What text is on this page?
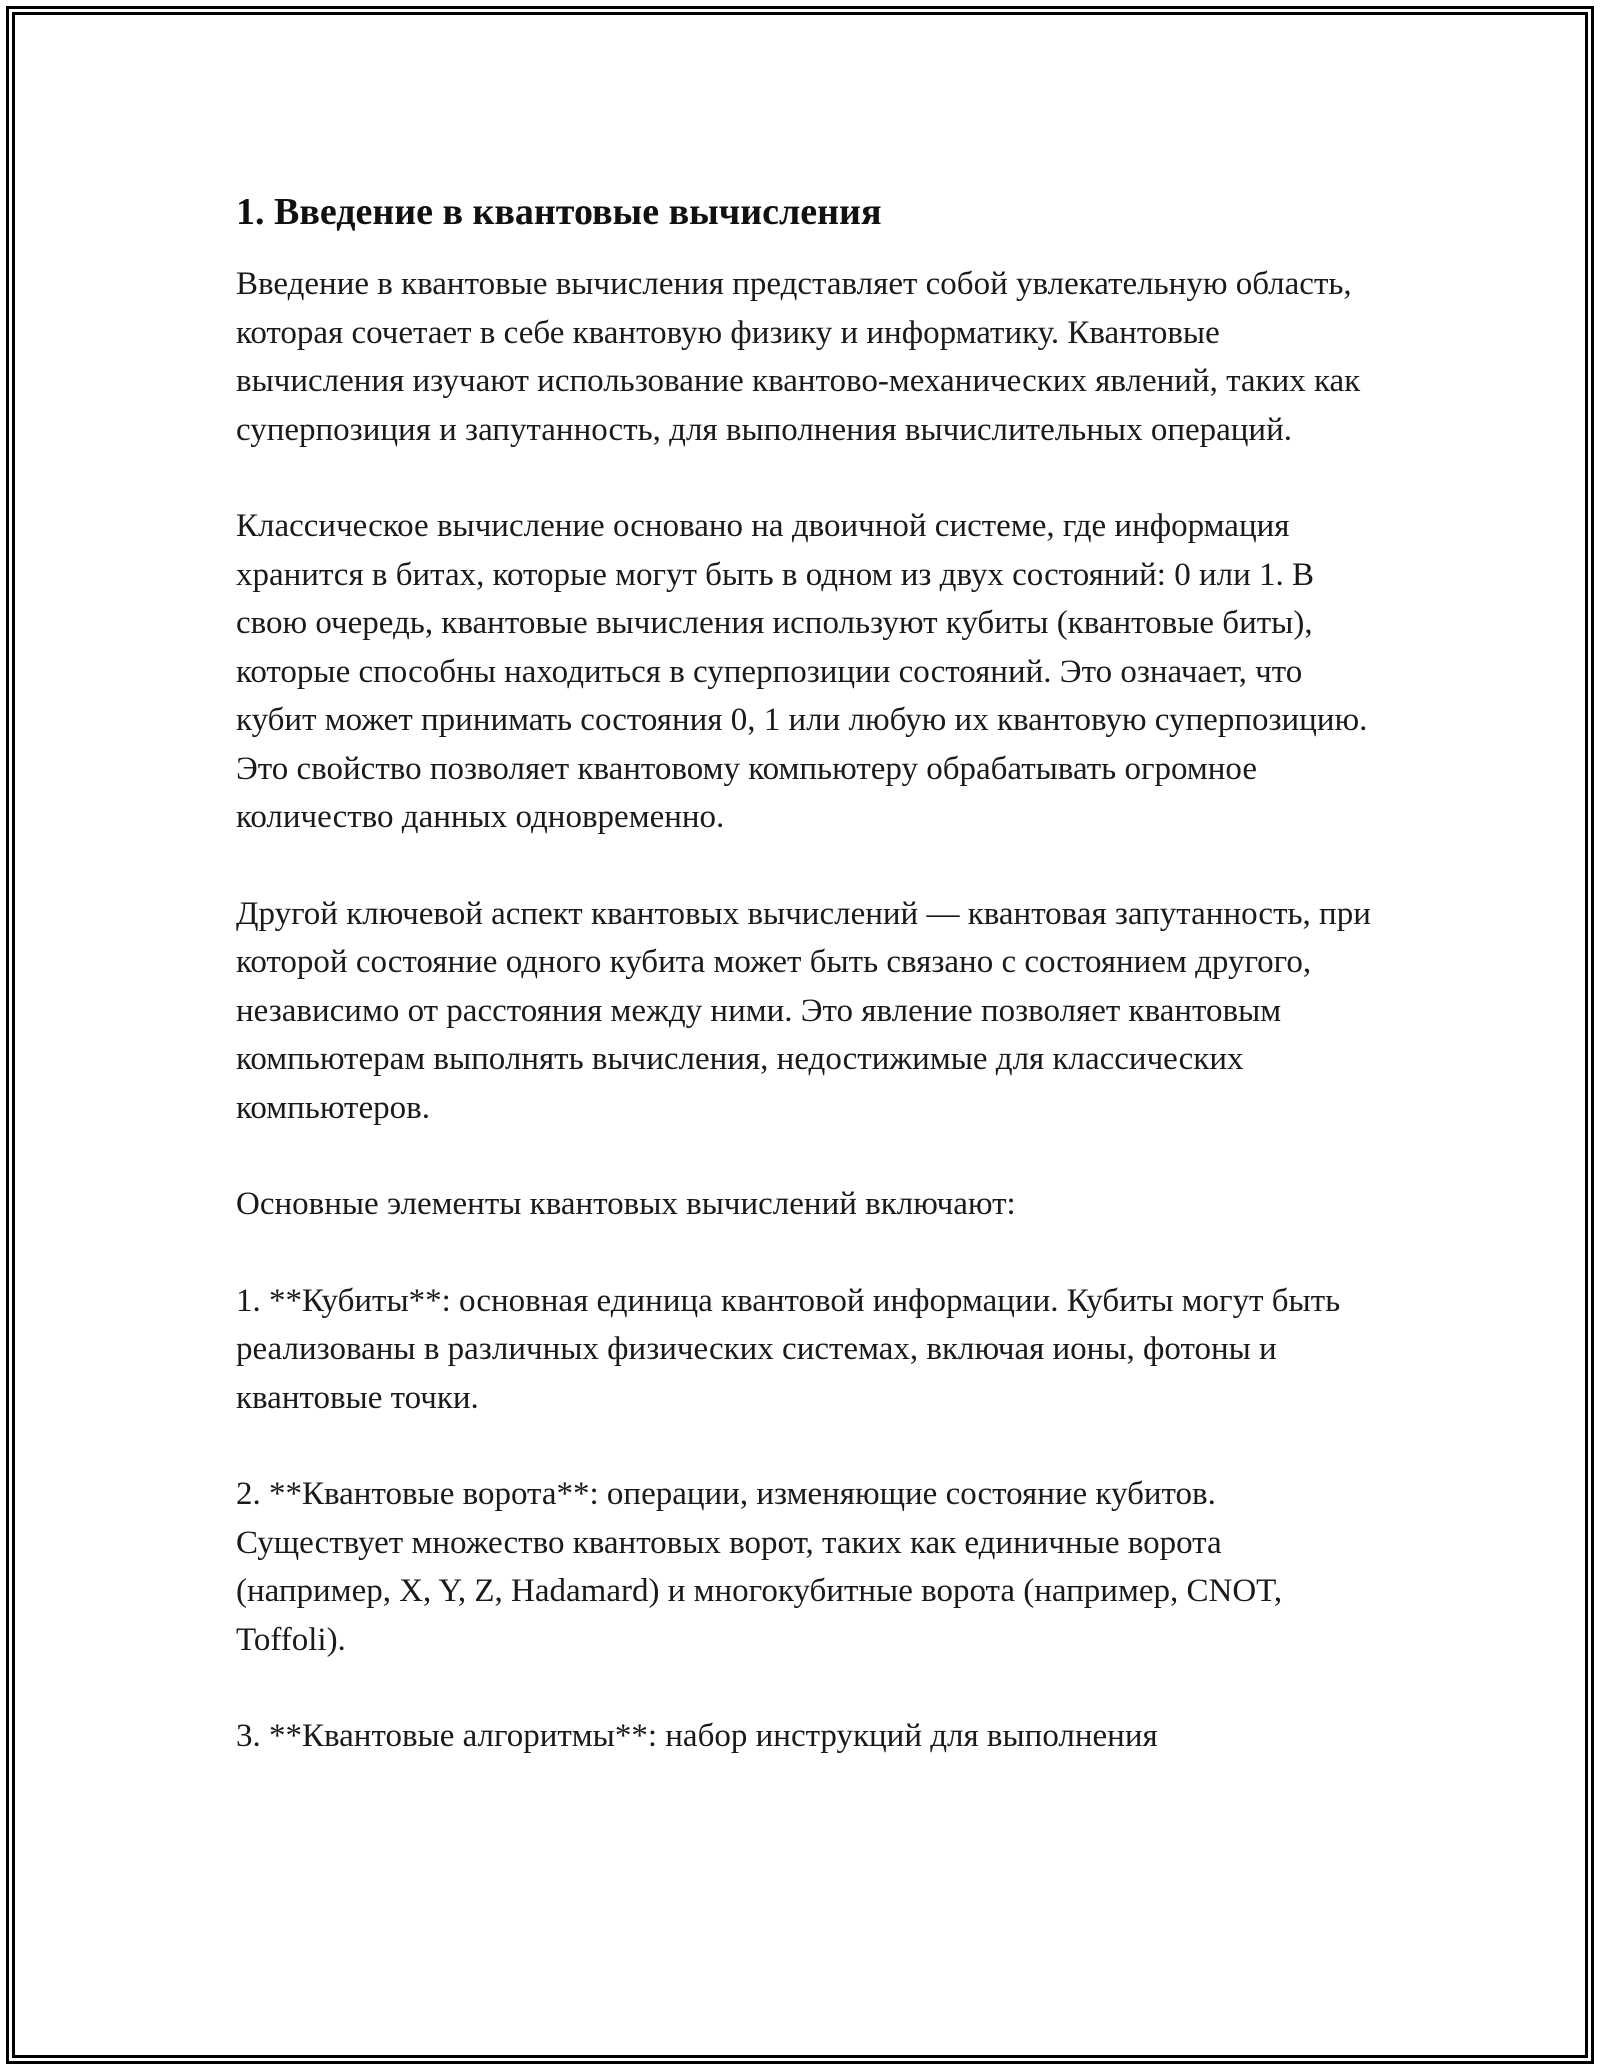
1. Введение в квантовые вычисления

Введение в квантовые вычисления представляет собой увлекательную область, которая сочетает в себе квантовую физику и информатику. Квантовые вычисления изучают использование квантово-механических явлений, таких как суперпозиция и запутанность, для выполнения вычислительных операций.

Классическое вычисление основано на двоичной системе, где информация хранится в битах, которые могут быть в одном из двух состояний: 0 или 1. В свою очередь, квантовые вычисления используют кубиты (квантовые биты), которые способны находиться в суперпозиции состояний. Это означает, что кубит может принимать состояния 0, 1 или любую их квантовую суперпозицию. Это свойство позволяет квантовому компьютеру обрабатывать огромное количество данных одновременно.

Другой ключевой аспект квантовых вычислений — квантовая запутанность, при которой состояние одного кубита может быть связано с состоянием другого, независимо от расстояния между ними. Это явление позволяет квантовым компьютерам выполнять вычисления, недостижимые для классических компьютеров.

Основные элементы квантовых вычислений включают:

1. **Кубиты**: основная единица квантовой информации. Кубиты могут быть реализованы в различных физических системах, включая ионы, фотоны и квантовые точки.

2. **Квантовые ворота**: операции, изменяющие состояние кубитов. Существует множество квантовых ворот, таких как единичные ворота (например, X, Y, Z, Hadamard) и многокубитные ворота (например, CNOT, Toffoli).

3. **Квантовые алгоритмы**: набор инструкций для выполнения
